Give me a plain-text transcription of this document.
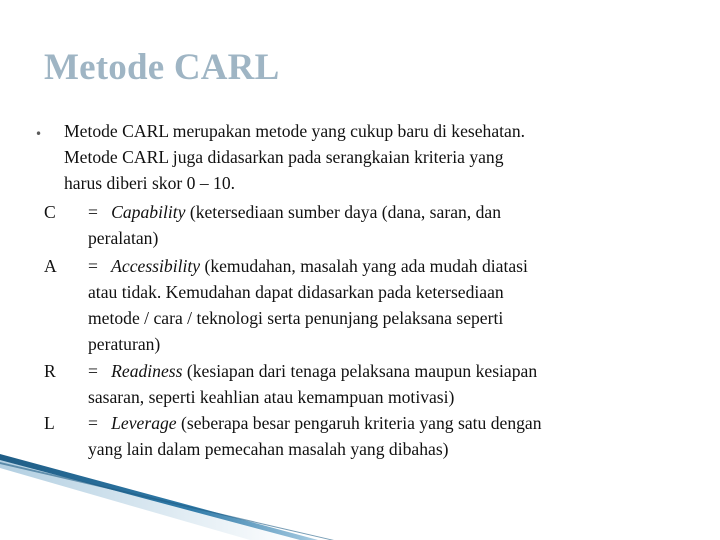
Metode CARL
• Metode CARL merupakan metode yang cukup baru di kesehatan.

Metode CARL juga didasarkan pada serangkaian kriteria yang

harus diberi skor 0 – 10.

C	= Capability (ketersediaan sumber daya (dana, saran, dan

peralatan)

A	= Accessibility (kemudahan, masalah yang ada mudah diatasi

atau tidak. Kemudahan dapat didasarkan pada ketersediaan

metode / cara / teknologi serta penunjang pelaksana seperti

peraturan)

R	= Readiness (kesiapan dari tenaga pelaksana maupun kesiapan

sasaran, seperti keahlian atau kemampuan motivasi)

L	= Leverage (seberapa besar pengaruh kriteria yang satu dengan

yang lain dalam pemecahan masalah yang dibahas)
